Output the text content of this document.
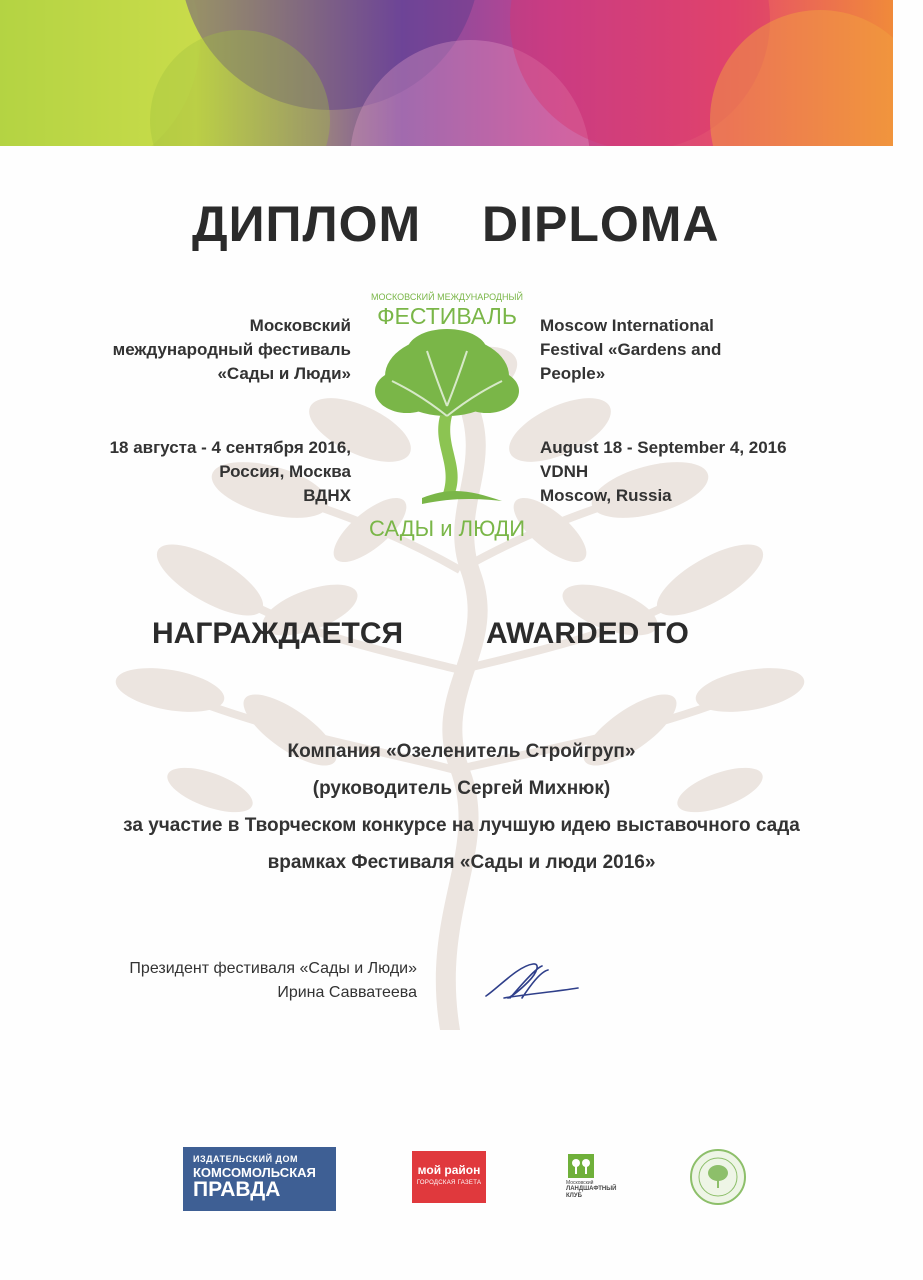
ДИПЛОМ DIPLOMA
Московский
международный фестиваль
«Сады и Люди»
Moscow International
Festival «Gardens and
People»
18 августа - 4 сентября 2016,
Россия, Москва
ВДНХ
August 18 - September 4, 2016
VDNH
Moscow, Russia
МОСКОВСКИЙ МЕЖДУНАРОДНЫЙ
ФЕСТИВАЛЬ
САДЫ и ЛЮДИ
НАГРАЖДАЕТСЯ	AWARDED TO
Компания «Озеленитель Стройгруп»
(руководитель Сергей Михнюк)
за участие в Творческом конкурсе на лучшую идею выставочного сада
врамках Фестиваля «Сады и люди 2016»
Президент фестиваля «Сады и Люди»
Ирина Савватеева
ИЗДАТЕЛЬСКИЙ ДОМ
КОМСОМОЛЬСКАЯ
ПРАВДА
мой район
ГОРОДСКАЯ ГАЗЕТА	Московский
ЛАНДШАФТНЫЙ
КЛУБ
